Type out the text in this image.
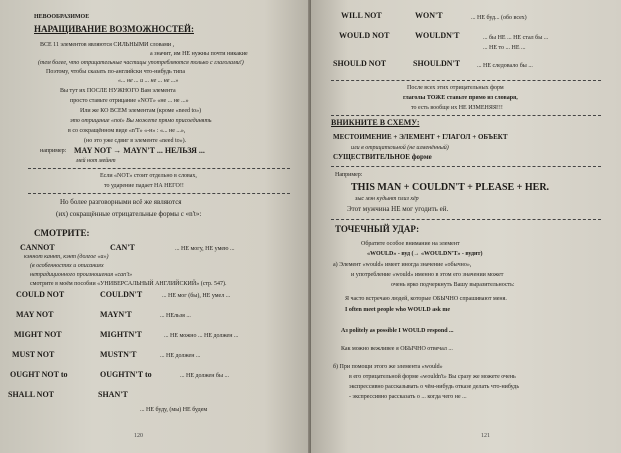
НЕВООБРАЗИМОЕ
НАРАЩИВАНИЕ ВОЗМОЖНОСТЕЙ:
ВСЕ 11 элементов являются СИЛЬНЫМИ словами ,
а значит, им НЕ нужны почти никакие
(тем более, что отрицательные частицы употребляются только с глаголами!)
Поэтому, чтобы сказать по-английски что-нибудь типа
«... не ... и ... не ... не ...»
Вы тут их ПОСЛЕ НУЖНОГО Вам элемента
просто ставьте отрицание «NOT» «не ... не ...»
Или же КО ВСЕМ элементам (кроме «need to»)
это отрицание «not» Вы можете прямо присоединять
в со сокращённом виде «n'T» «-н» : «... не ...»,
(но это уже сдвиг в элементе «need to»).
например: MAY NOT → MAYN'T ... НЕЛЬЗЯ ...
мей нот мейнт
Если «NOT» стоит отдельно в словах,
то ударение падает НА НЕГО!!
Но более разговорными всё же являются
(их) сокращённые отрицательные формы с «n't»:
СМОТРИТЕ:
CANNOT	CAN'T	... НЕ могу, НЕ умею ...
кэннот каннт, кэнт (долгое «а»)
(в особенностях и описаниях
нетрадиционного произношения «can't»
смотрите в моём пособии «УНИВЕРСАЛЬНЫЙ АНГЛИЙСКИЙ» (стр. 547).
COULD NOT	COULDN'T	... НЕ мог (бы), НЕ умел ...
MAY NOT	MAYN'T	... НЕльзя ...
MIGHT NOT	MIGHTN'T	... НЕ можно ... НЕ должен ...
MUST NOT	MUSTN'T	... НЕ должен ...
OUGHT NOT to	OUGHTN'T to	... НЕ должен бы ...
SHALL NOT	SHAN'T
... НЕ буду, (мы) НЕ будем
120
WILL NOT	WON'T	... НЕ буд... (обо всех)
WOULD NOT	WOULDN'T	... бы НЕ ... НЕ стал бы ...
... НЕ то ... НЕ ...
SHOULD NOT	SHOULDN'T	... НЕ следовало бы ...
После всех этих отрицательных форм
глаголы ТОЖЕ ставьте прямо из словаря,
то есть вообще их НЕ ИЗМЕНЯЯ!!!
ВНИКНИТЕ В СХЕМУ:
МЕСТОИМЕНИЕ + ЭЛЕМЕНТ + ГЛАГОЛ + ОБЪЕКТ
или в отрицательной (не изменённый)
СУЩЕСТВИТЕЛЬНОЕ форме
Например:
THIS MAN + COULDN'T + PLEASE + HER.
зыс мэн кудынт плиз хёр
Этот мужчина НЕ мог угодить ей.
ТОЧЕЧНЫЙ УДАР:
Обратите особое внимание на элемент
«WOULD» - вуд (→ «WOULDN'T» - вуднт)
а) Элемент «would» имеет иногда значение «обычно»,
и употребление «would» именно в этом его значении может
очень ярко подчеркнуть Вашу выразительность:
Я часто встречаю людей, которые ОБЫЧНО спрашивают меня.
I often meet people who WOULD ask me
Аз politely as possible I WOULD respond ...
Как можно вежливее я ОБЫЧНО отвечал ...
б) При помощи этого же элемента «would»
в его отрицательной форме «wouldn't» Вы сразу же можете очень
экспрессивно рассказывать о чём-нибудь отказе делать что-нибудь
- экспрессивно рассказать о ... когда чего не ...
121
